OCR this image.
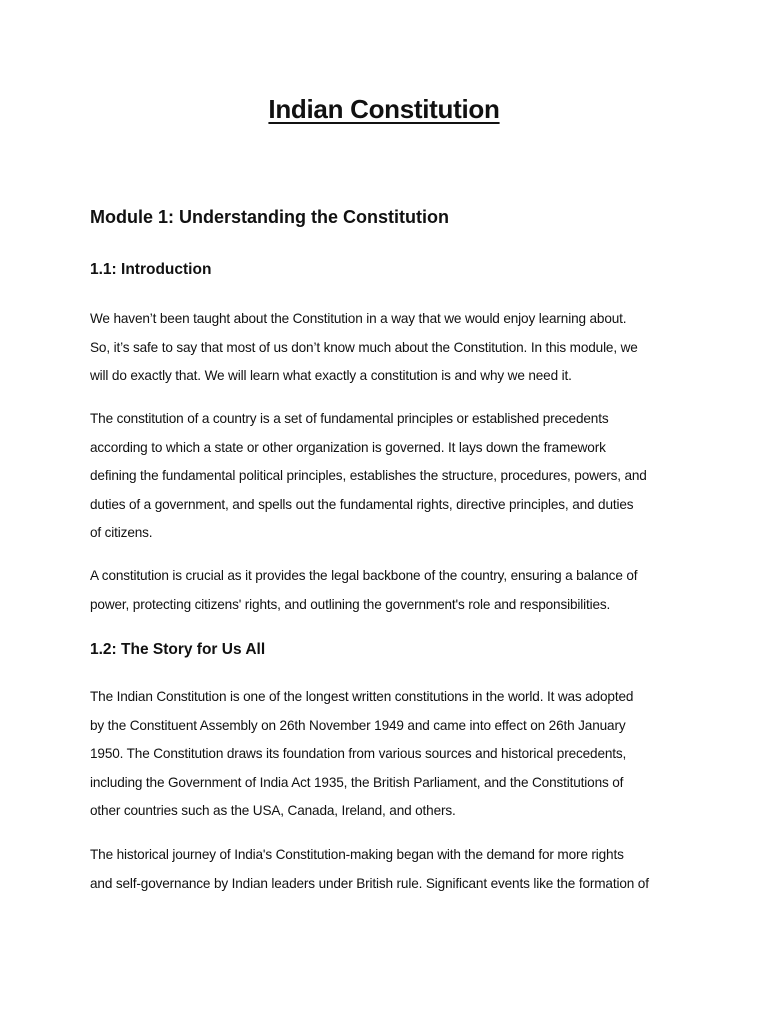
Indian Constitution
Module 1: Understanding the Constitution
1.1: Introduction

We haven’t been taught about the Constitution in a way that we would enjoy learning about.
So, it’s safe to say that most of us don’t know much about the Constitution. In this module, we
will do exactly that. We will learn what exactly a constitution is and why we need it.

The constitution of a country is a set of fundamental principles or established precedents
according to which a state or other organization is governed. It lays down the framework
defining the fundamental political principles, establishes the structure, procedures, powers, and
duties of a government, and spells out the fundamental rights, directive principles, and duties
of citizens.

A constitution is crucial as it provides the legal backbone of the country, ensuring a balance of
power, protecting citizens' rights, and outlining the government's role and responsibilities.

1.2: The Story for Us All

The Indian Constitution is one of the longest written constitutions in the world. It was adopted
by the Constituent Assembly on 26th November 1949 and came into effect on 26th January
1950. The Constitution draws its foundation from various sources and historical precedents,
including the Government of India Act 1935, the British Parliament, and the Constitutions of
other countries such as the USA, Canada, Ireland, and others.

The historical journey of India's Constitution-making began with the demand for more rights
and self-governance by Indian leaders under British rule. Significant events like the formation of
